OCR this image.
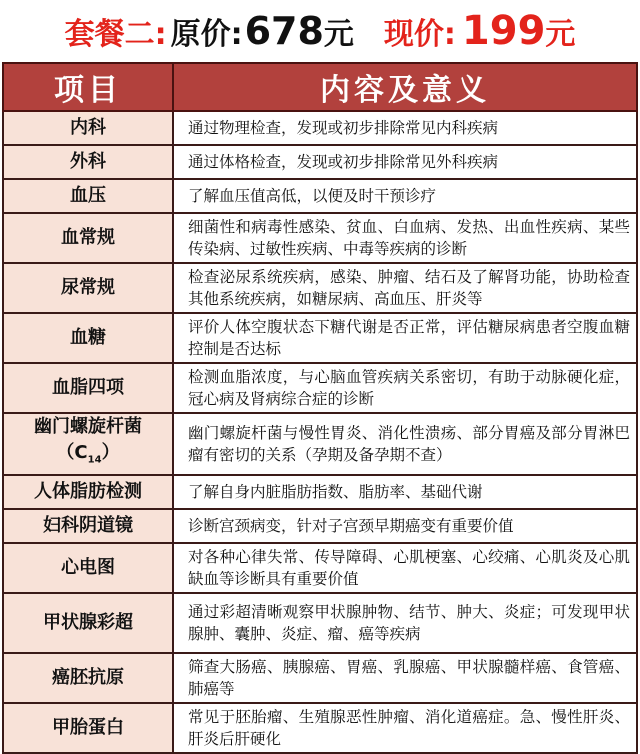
套餐二 : 原价: 678 元 现价: 199 元
项目	内容及意义
内科	通过物理检查，发现或初步排除常见内科疾病
外科	通过体格检查，发现或初步排除常见外科疾病
血压	了解血压值高低，以便及时干预诊疗
血常规	细菌性和病毒性感染、贫血、白血病、发热、出血性疾病、某些传染病、过敏性疾病、中毒等疾病的诊断
尿常规	检查泌尿系统疾病，感染、肿瘤、结石及了解肾功能，协助检查其他系统疾病，如糖尿病、高血压、肝炎等
血糖	评价人体空腹状态下糖代谢是否正常，评估糖尿病患者空腹血糖控制是否达标
血脂四项	检测血脂浓度，与心脑血管疾病关系密切，有助于动脉硬化症，冠心病及肾病综合症的诊断

幽门螺旋杆菌
$(C_{14})$	幽门螺旋杆菌与慢性胃炎、消化性溃疡、部分胃癌及部分胃淋巴瘤有密切的关系（孕期及备孕期不查）
人体脂肪检测	了解自身内脏脂肪指数、脂肪率、基础代谢
妇科阴道镜	诊断宫颈病变，针对子宫颈早期癌变有重要价值
心电图	对各种心律失常、传导障碍、心肌梗塞、心绞痛、心肌炎及心肌缺血等诊断具有重要价值
甲状腺彩超	通过彩超清晰观察甲状腺肿物、结节、肿大、炎症；可发现甲状腺肿、囊肿、炎症、瘤、癌等疾病
癌胚抗原	筛查大肠癌、胰腺癌、胃癌、乳腺癌、甲状腺髓样癌、食管癌、肺癌等
甲胎蛋白	常见于胚胎瘤、生殖腺恶性肿瘤、消化道癌症。急、慢性肝炎、肝炎后肝硬化
